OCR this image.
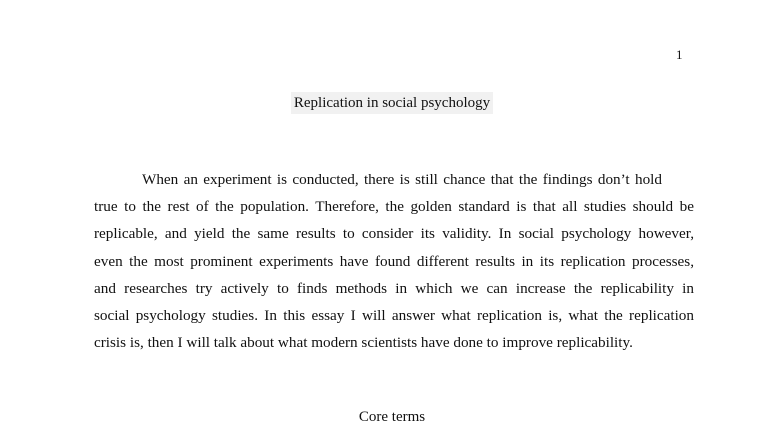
1
Replication in social psychology

When an experiment is conducted, there is still chance that the findings don’t hold
true to the rest of the population. Therefore, the golden standard is that all studies should be
replicable, and yield the same results to consider its validity. In social psychology however,
even the most prominent experiments have found different results in its replication processes,
and researches try actively to finds methods in which we can increase the replicability in
social psychology studies. In this essay I will answer what replication is, what the replication
crisis is, then I will talk about what modern scientists have done to improve replicability.

Core terms
